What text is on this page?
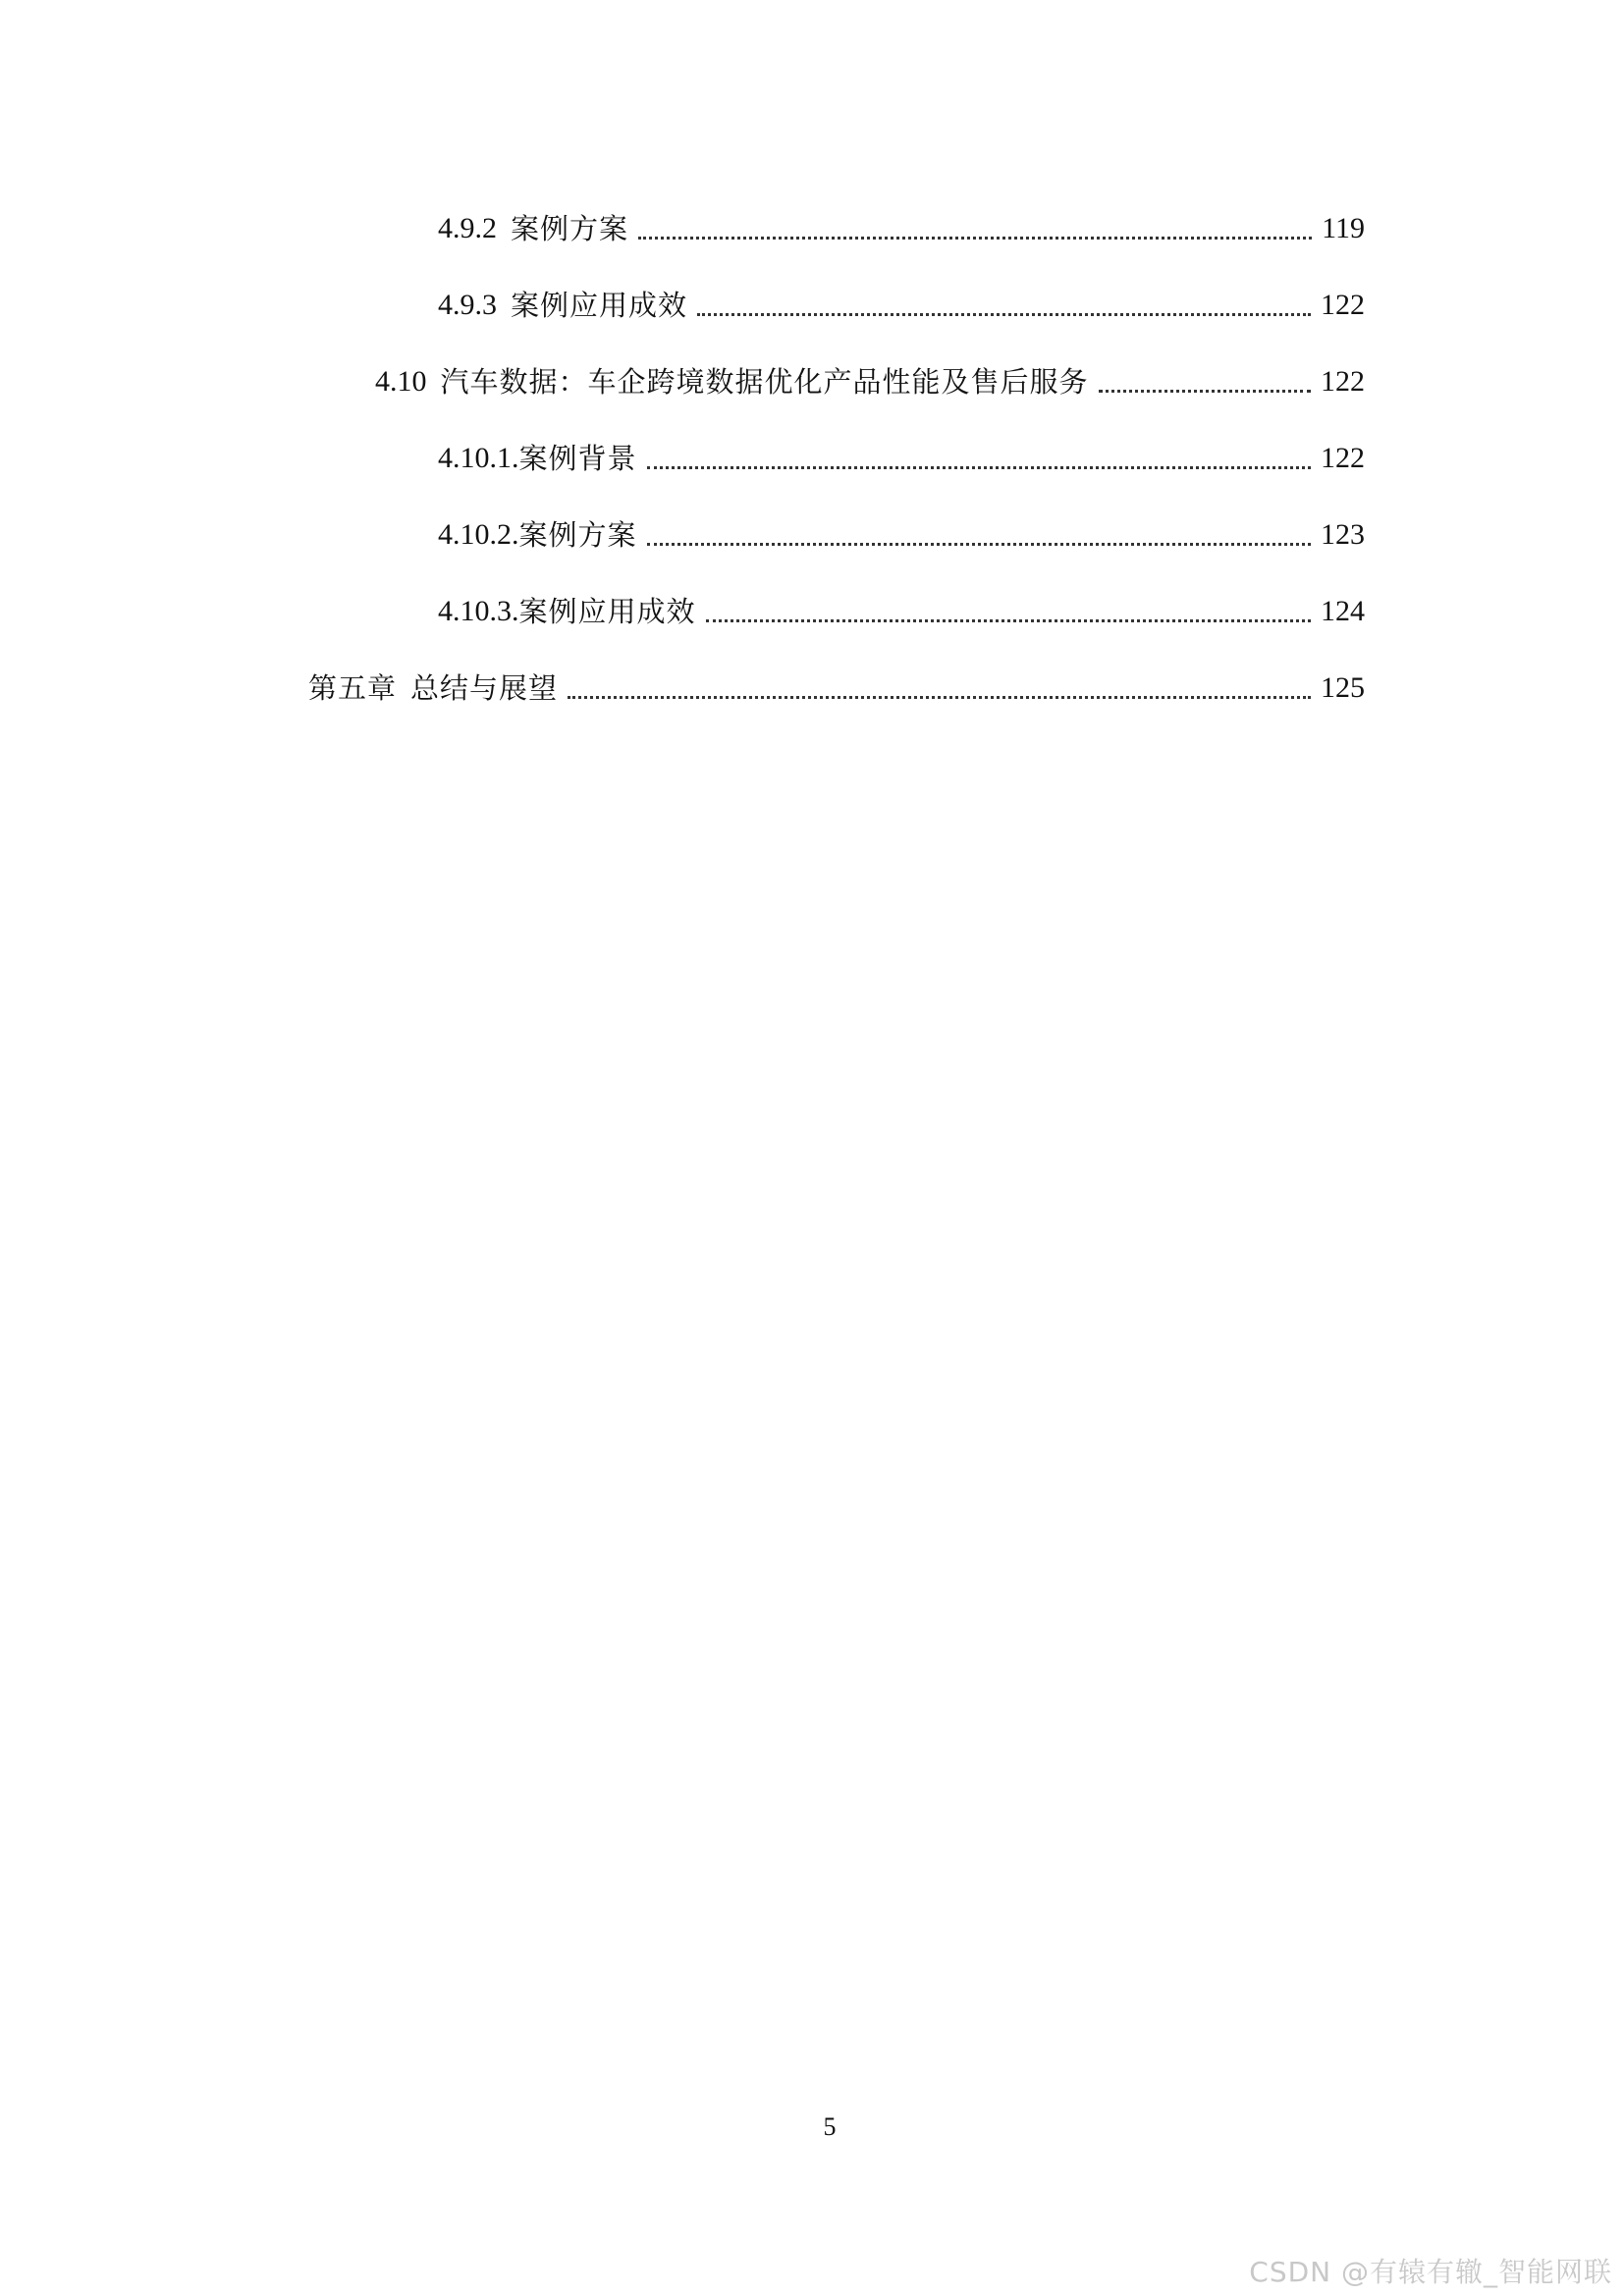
4.9.2 案例方案	119
4.9.3 案例应用成效	122
4.10 汽车数据：车企跨境数据优化产品性能及售后服务	122
4.10.1. 案例背景	122
4.10.2. 案例方案	123
4.10.3. 案例应用成效	124
第五章 总结与展望	125
5
CSDN @有辕有辙_智能网联
